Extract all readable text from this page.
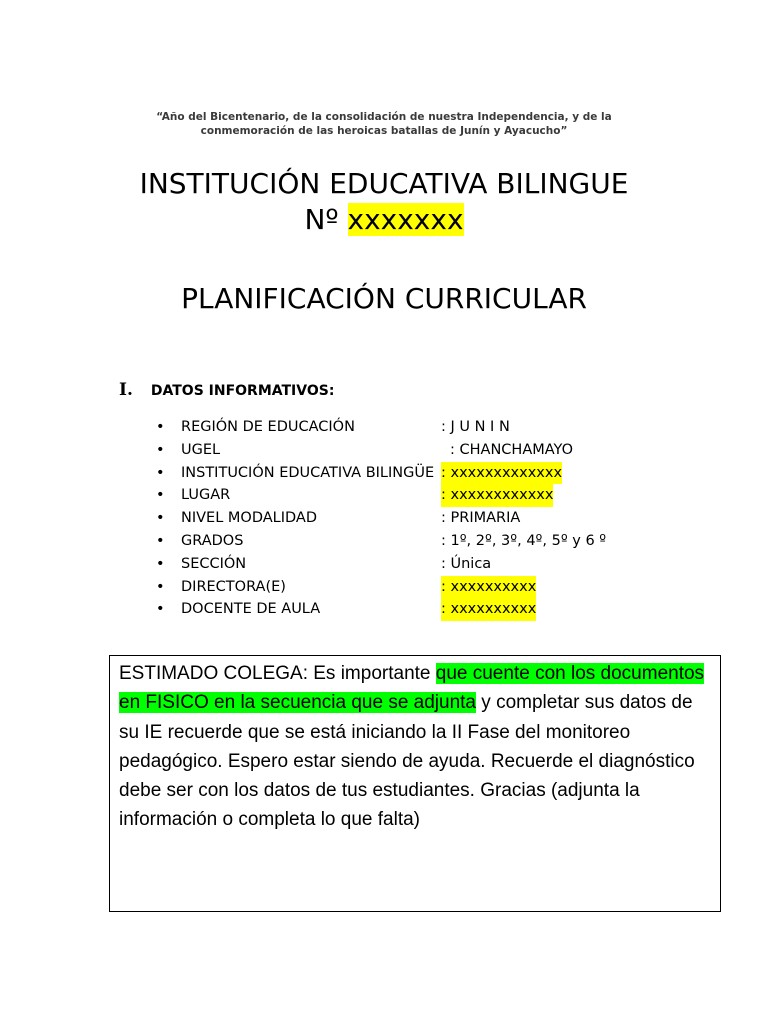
“Año del Bicentenario, de la consolidación de nuestra Independencia, y de la
conmemoración de las heroicas batallas de Junín y Ayacucho”
INSTITUCIÓN EDUCATIVA BILINGUE
Nº xxxxxxx
PLANIFICACIÓN CURRICULAR
I. DATOS INFORMATIVOS:
• REGIÓN DE EDUCACIÓN	: J U N I N
• UGEL	: CHANCHAMAYO
• INSTITUCIÓN EDUCATIVA BILINGÜE : xxxxxxxxxxxxx
• LUGAR	: xxxxxxxxxxxx
• NIVEL MODALIDAD	: PRIMARIA
• GRADOS	: 1º, 2º, 3º, 4º, 5º y 6 º
• SECCIÓN	: Única
• DIRECTORA(E)	: xxxxxxxxxx
• DOCENTE DE AULA	: xxxxxxxxxx
ESTIMADO COLEGA: Es importante que cuente con los documentos en FISICO en la secuencia que se adjunta y completar sus datos de su IE recuerde que se está iniciando la II Fase del monitoreo pedagógico. Espero estar siendo de ayuda. Recuerde el diagnóstico debe ser con los datos de tus estudiantes. Gracias (adjunta la información o completa lo que falta)
